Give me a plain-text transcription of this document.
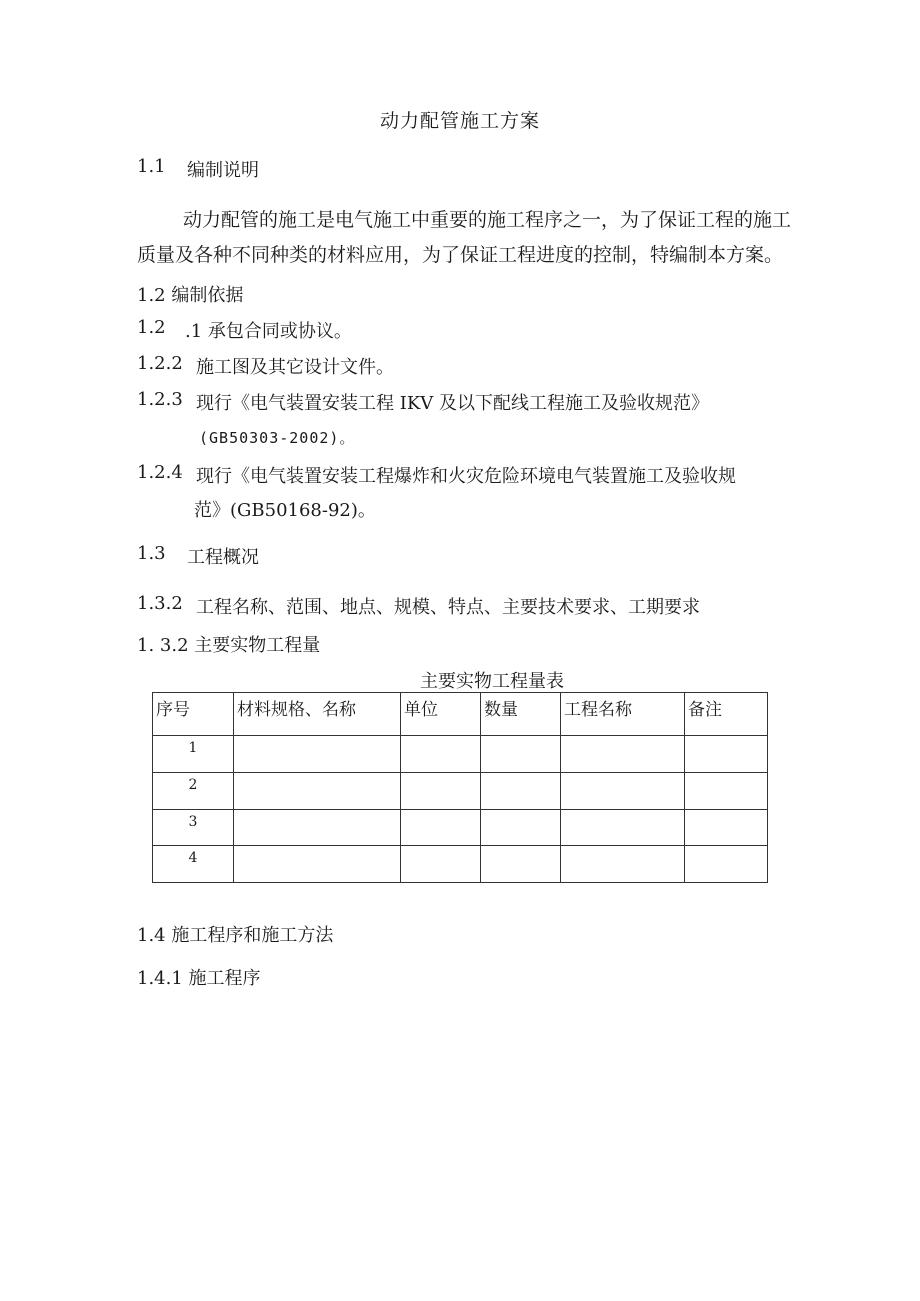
动力配管施工方案
1.1 编制说明
动力配管的施工是电气施工中重要的施工程序之一，为了保证工程的施工
质量及各种不同种类的材料应用，为了保证工程进度的控制，特编制本方案。
1.2 编制依据
1.2 .1 承包合同或协议。
1.2.2 施工图及其它设计文件。
1.2.3 现行《电气装置安装工程 IKV 及以下配线工程施工及验收规范》
(GB50303-2002)。
1.2.4 现行《电气装置安装工程爆炸和火灾危险环境电气装置施工及验收规
范》(GB50168-92)。
1.3 工程概况
1.3.2 工程名称、范围、地点、规模、特点、主要技术要求、工期要求
1. 3.2 主要实物工程量
主要实物工程量表
序号	材料规格、名称	单位	数量	工程名称	备注
1					
2					
3					
4					
1.4 施工程序和施工方法
1.4.1 施工程序
